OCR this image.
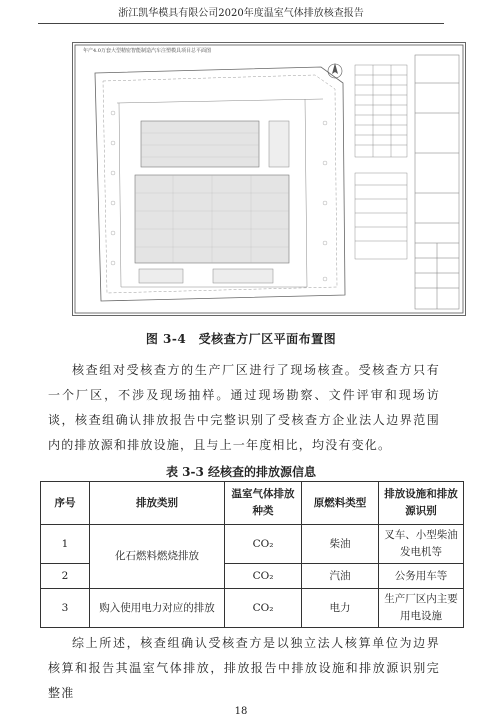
浙江凯华模具有限公司2020年度温室气体排放核查报告
年产4.0万套大型精密智能制造汽车注塑模具项目总平面图
图 3-4　受核查方厂区平面布置图
核查组对受核查方的生产厂区进行了现场核查。受核查方只有一个厂区，不涉及现场抽样。通过现场勘察、文件评审和现场访谈，核查组确认排放报告中完整识别了受核查方企业法人边界范围内的排放源和排放设施，且与上一年度相比，均没有变化。
表 3-3 经核查的排放源信息
序号	排放类别	温室气体排放种类	原燃料类型	排放设施和排放源识别
1	化石燃料燃烧排放	CO₂	柴油	叉车、小型柴油发电机等
2		CO₂	汽油	公务用车等
3	购入使用电力对应的排放	CO₂	电力	生产厂区内主要用电设施
综上所述，核查组确认受核查方是以独立法人核算单位为边界核算和报告其温室气体排放，排放报告中排放设施和排放源识别完整准
18
